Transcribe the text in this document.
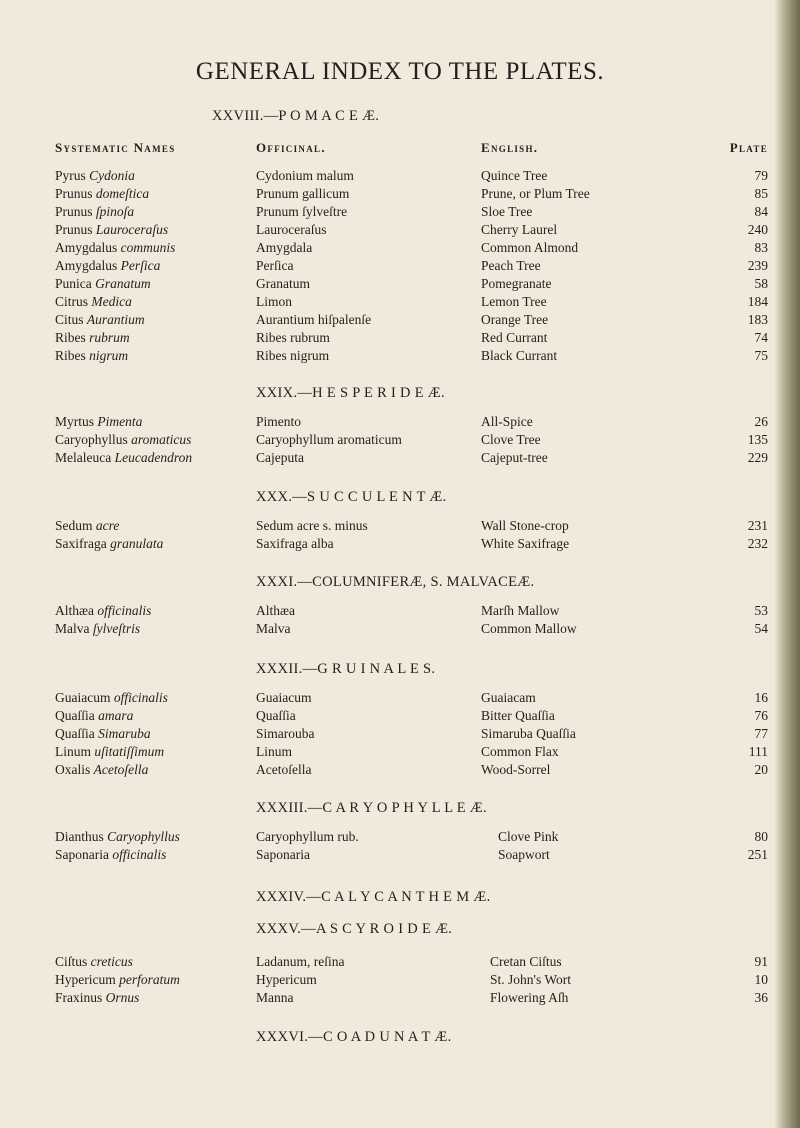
GENERAL INDEX TO THE PLATES.
Systematic Names	Officinal.	English.	Plate
XXVIII.—P O M A C E Æ.
Pyrus Cydonia	Cydonium malum	Quince Tree	79
Prunus domeſtica	Prunum gallicum	Prune, or Plum Tree	85
Prunus ſpinoſa	Prunum ſylveſtre	Sloe Tree	84
Prunus Lauroceraſus	Lauroceraſus	Cherry Laurel	240
Amygdalus communis	Amygdala	Common Almond	83
Amygdalus Perſica	Perſica	Peach Tree	239
Punica Granatum	Granatum	Pomegranate	58
Citrus Medica	Limon	Lemon Tree	184
Citus Aurantium	Aurantium hiſpalenſe	Orange Tree	183
Ribes rubrum	Ribes rubrum	Red Currant	74
Ribes nigrum	Ribes nigrum	Black Currant	75
XXIX.—H E S P E R I D E Æ.
Myrtus Pimenta	Pimento	All-Spice	26
Caryophyllus aromaticus	Caryophyllum aromaticum	Clove Tree	135
Melaleuca Leucadendron	Cajeputa	Cajeput-tree	229
XXX.—S U C C U L E N T Æ.
Sedum acre	Sedum acre s. minus	Wall Stone-crop	231
Saxifraga granulata	Saxifraga alba	White Saxifrage	232
XXXI.—COLUMNIFERÆ, S. MALVACEÆ.
Althæa officinalis	Althæa	Marſh Mallow	53
Malva ſylveſtris	Malva	Common Mallow	54
XXXII.—G R U I N A L E S.
Guaiacum officinalis	Guaiacum	Guaiacam	16
Quaſſia amara	Quaſſia	Bitter Quaſſia	76
Quaſſia Simaruba	Simarouba	Simaruba Quaſſia	77
Linum uſitatiſſimum	Linum	Common Flax	111
Oxalis Acetoſella	Acetoſella	Wood-Sorrel	20
XXXIII.—C A R Y O P H Y L L E Æ.
Dianthus Caryophyllus	Caryophyllum rub.	Clove Pink	80
Saponaria officinalis	Saponaria	Soapwort	251
XXXIV.—C A L Y C A N T H E M Æ.
XXXV.—A S C Y R O I D E Æ.
Ciſtus creticus	Ladanum, reſina	Cretan Ciſtus	91
Hypericum perforatum	Hypericum	St. John's Wort	10
Fraxinus Ornus	Manna	Flowering Aſh	36
XXXVI.—C O A D U N A T Æ.
